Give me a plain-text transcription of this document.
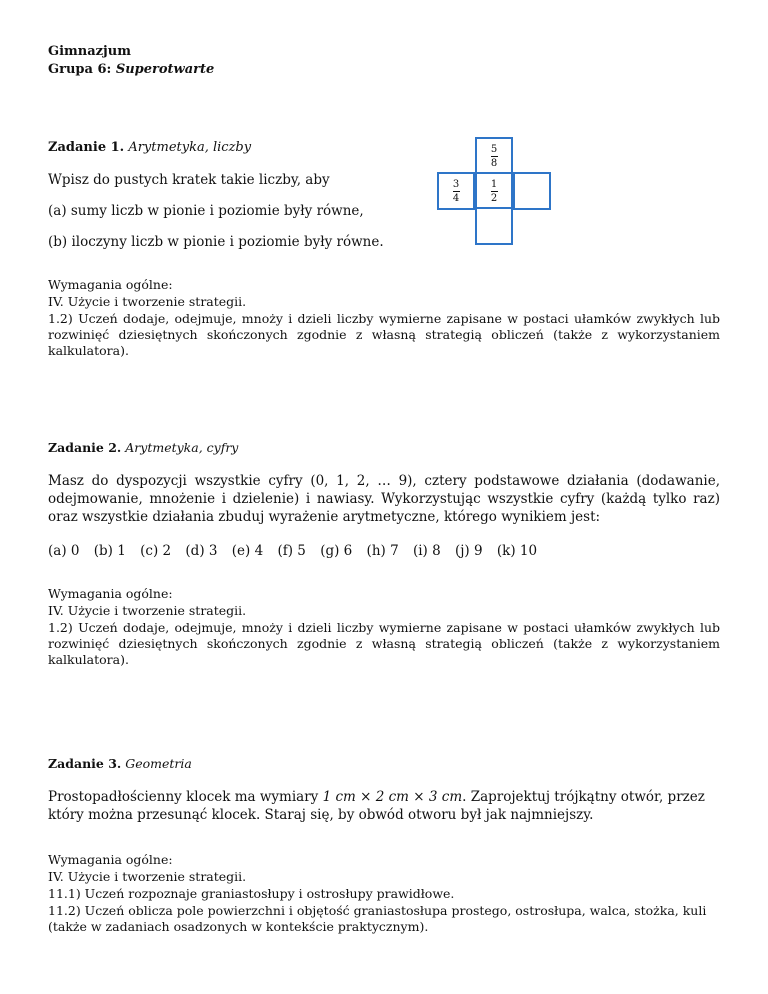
Gimnazjum
Grupa 6: Superotwarte
Zadanie 1. Arytmetyka, liczby
Wpisz do pustych kratek takie liczby, aby
(a) sumy liczb w pionie i poziomie były równe,
(b) iloczyny liczb w pionie i poziomie były równe.
5
8
3
4
1
2
Wymagania ogólne:
IV. Użycie i tworzenie strategii.
1.2) Uczeń dodaje, odejmuje, mnoży i dzieli liczby wymierne zapisane w postaci ułamków zwykłych lub rozwinięć dziesiętnych skończonych zgodnie z własną strategią obliczeń (także z wykorzystaniem kalkulatora).
Zadanie 2. Arytmetyka, cyfry
Masz do dyspozycji wszystkie cyfry (0, 1, 2, … 9), cztery podstawowe działania (dodawanie, odejmowanie, mnożenie i dzielenie) i nawiasy. Wykorzystując wszystkie cyfry (każdą tylko raz) oraz wszystkie działania zbuduj wyrażenie arytmetyczne, którego wynikiem jest:
(a) 0 (b) 1 (c) 2 (d) 3 (e) 4 (f) 5 (g) 6 (h) 7 (i) 8 (j) 9 (k) 10
Wymagania ogólne:
IV. Użycie i tworzenie strategii.
1.2) Uczeń dodaje, odejmuje, mnoży i dzieli liczby wymierne zapisane w postaci ułamków zwykłych lub rozwinięć dziesiętnych skończonych zgodnie z własną strategią obliczeń (także z wykorzystaniem kalkulatora).
Zadanie 3. Geometria
Prostopadłościenny klocek ma wymiary 1 cm × 2 cm × 3 cm. Zaprojektuj trójkątny otwór, przez który można przesunąć klocek. Staraj się, by obwód otworu był jak najmniejszy.
Wymagania ogólne:
IV. Użycie i tworzenie strategii.
11.1) Uczeń rozpoznaje graniastosłupy i ostrosłupy prawidłowe.
11.2) Uczeń oblicza pole powierzchni i objętość graniastosłupa prostego, ostrosłupa, walca, stożka, kuli (także w zadaniach osadzonych w kontekście praktycznym).
